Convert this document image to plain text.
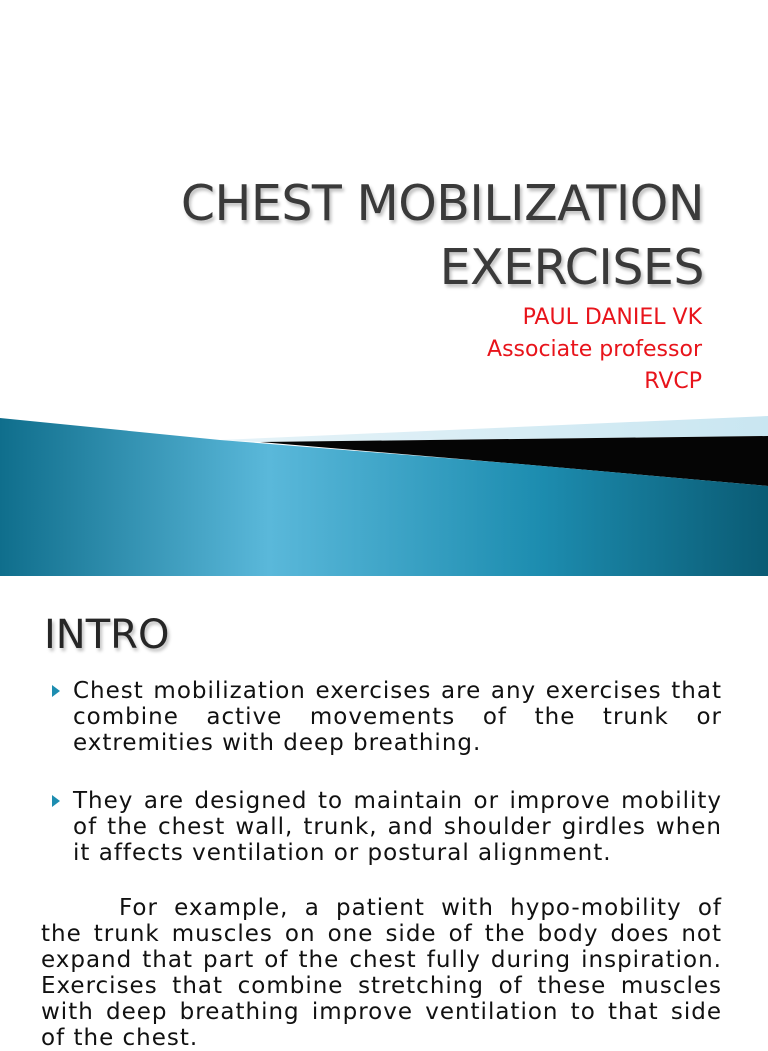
CHEST MOBILIZATION EXERCISES
PAUL DANIEL VK
Associate professor
RVCP
INTRO
Chest mobilization exercises are any exercises that combine active movements of the trunk or extremities with deep breathing.
They are designed to maintain or improve mobility of the chest wall, trunk, and shoulder girdles when it affects ventilation or postural alignment.
For example, a patient with hypo-mobility of the trunk muscles on one side of the body does not expand that part of the chest fully during inspiration. Exercises that combine stretching of these muscles with deep breathing improve ventilation to that side of the chest.
